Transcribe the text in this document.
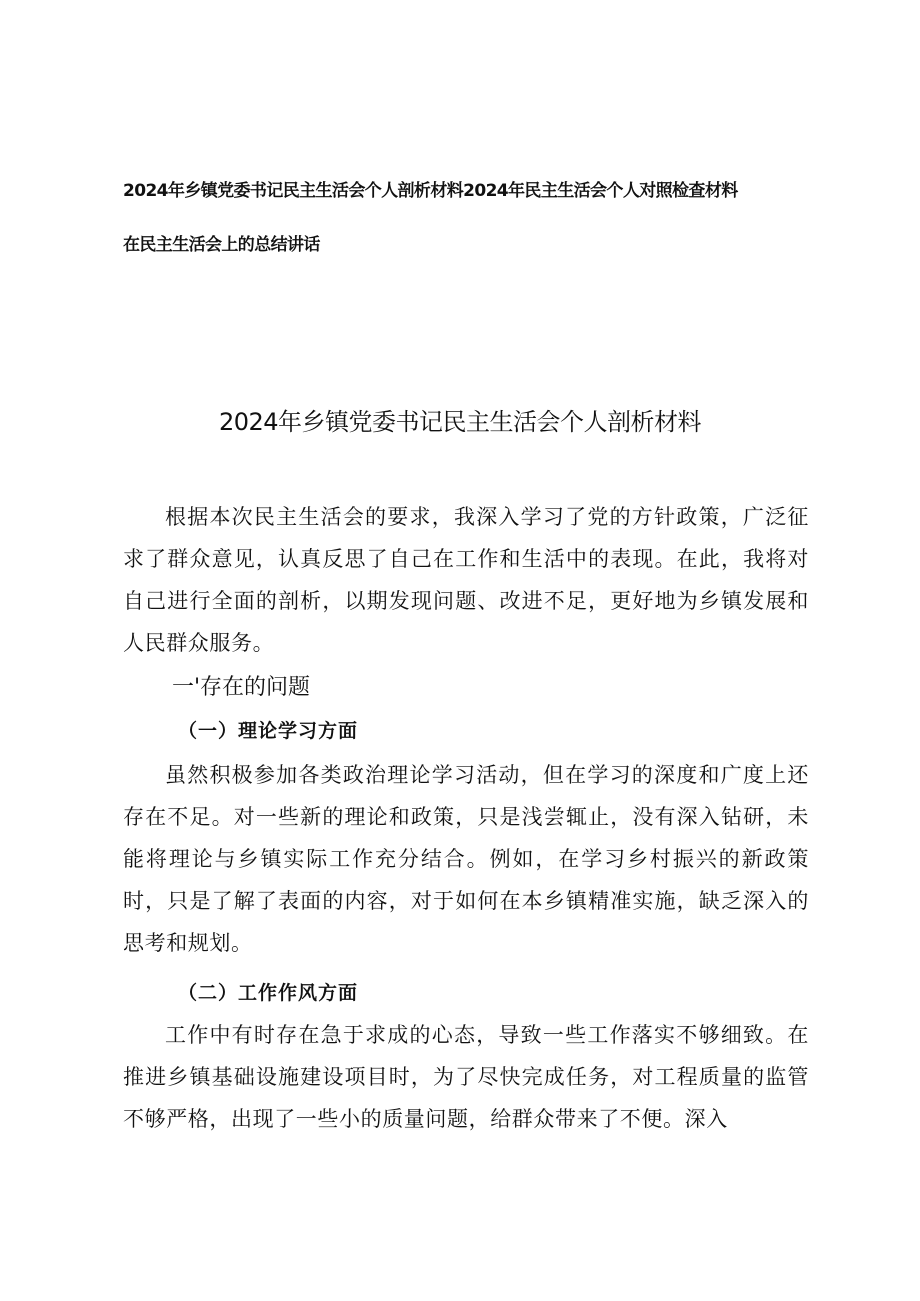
2024年乡镇党委书记民主生活会个人剖析材料2024年民主生活会个人对照检查材料
在民主生活会上的总结讲话
2024年乡镇党委书记民主生活会个人剖析材料

根据本次民主生活会的要求，我深入学习了党的方针政策，广泛征求了群众意见，认真反思了自己在工作和生活中的表现。在此，我将对自己进行全面的剖析，以期发现问题、改进不足，更好地为乡镇发展和人民群众服务。

一'存在的问题
（一）理论学习方面

虽然积极参加各类政治理论学习活动，但在学习的深度和广度上还存在不足。对一些新的理论和政策，只是浅尝辄止，没有深入钻研，未能将理论与乡镇实际工作充分结合。例如，在学习乡村振兴的新政策时，只是了解了表面的内容，对于如何在本乡镇精准实施，缺乏深入的思考和规划。

（二）工作作风方面

工作中有时存在急于求成的心态，导致一些工作落实不够细致。在推进乡镇基础设施建设项目时，为了尽快完成任务，对工程质量的监管不够严格，出现了一些小的质量问题，给群众带来了不便。深入
